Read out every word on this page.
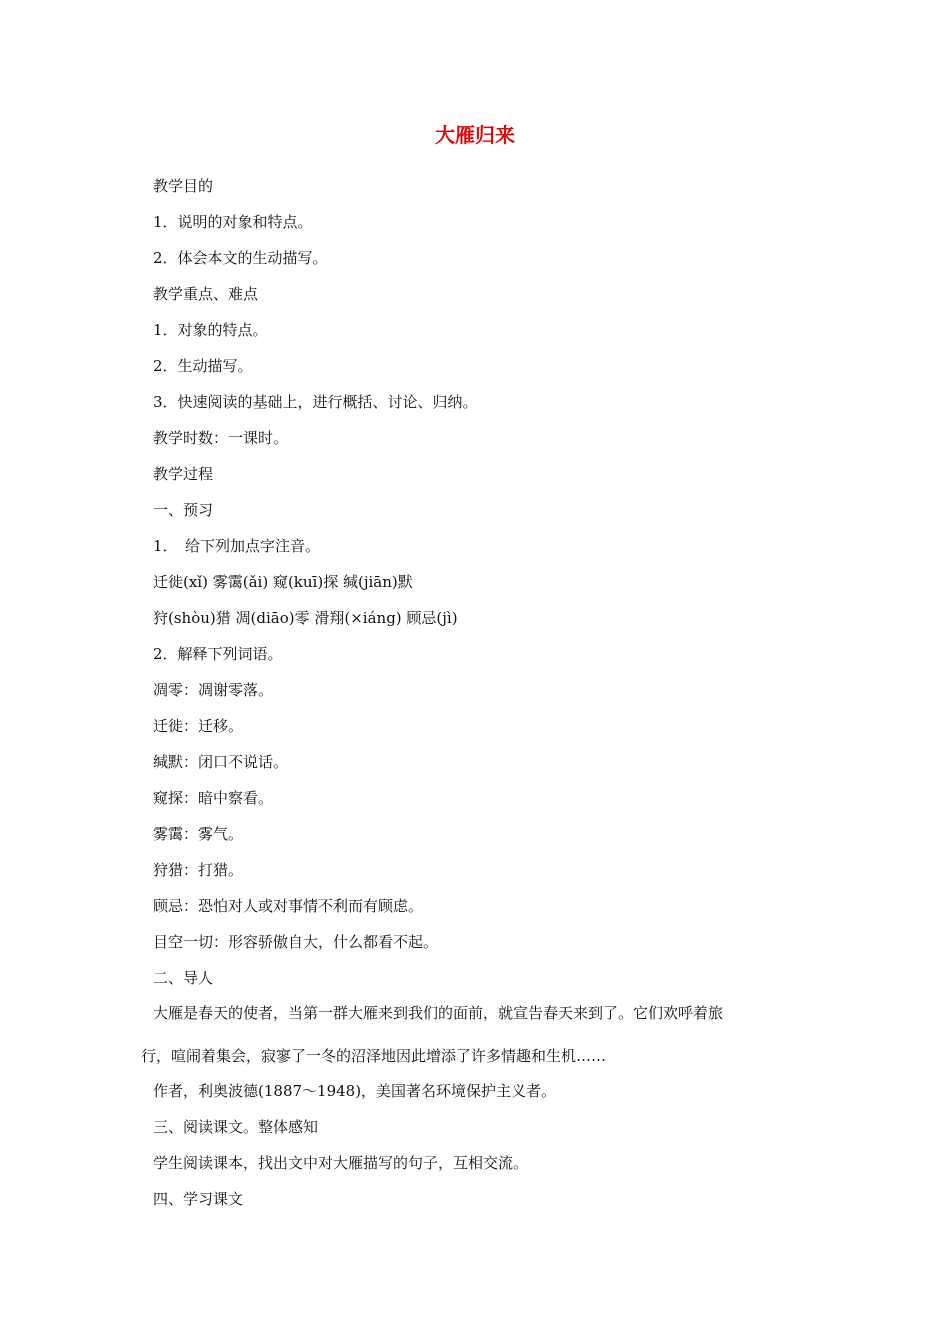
大雁归来
教学目的
1．说明的对象和特点。
2．体会本文的生动描写。
教学重点、难点
1．对象的特点。
2．生动描写。
3．快速阅读的基础上，进行概括、讨论、归纳。
教学时数：一课时。
教学过程
一、预习
1．　给下列加点字注音。
迁徙(xǐ) 雾霭(ǎi) 窥(kuī)探 缄(jiān)默
狩(shòu)猎 凋(diāo)零 滑翔(×iáng) 顾忌(jì)
2．解释下列词语。
凋零：凋谢零落。
迁徙：迁移。
缄默：闭口不说话。
窥探：暗中察看。
雾霭：雾气。
狩猎：打猎。
顾忌：恐怕对人或对事情不利而有顾虑。
目空一切：形容骄傲自大，什么都看不起。
二、导人
大雁是春天的使者，当第一群大雁来到我们的面前，就宣告春天来到了。它们欢呼着旅
行，喧闹着集会，寂寥了一冬的沼泽地因此增添了许多情趣和生机……
作者，利奥波德(1887～1948)，美国著名环境保护主义者。
三、阅读课文。整体感知
学生阅读课本，找出文中对大雁描写的句子，互相交流。
四、学习课文
